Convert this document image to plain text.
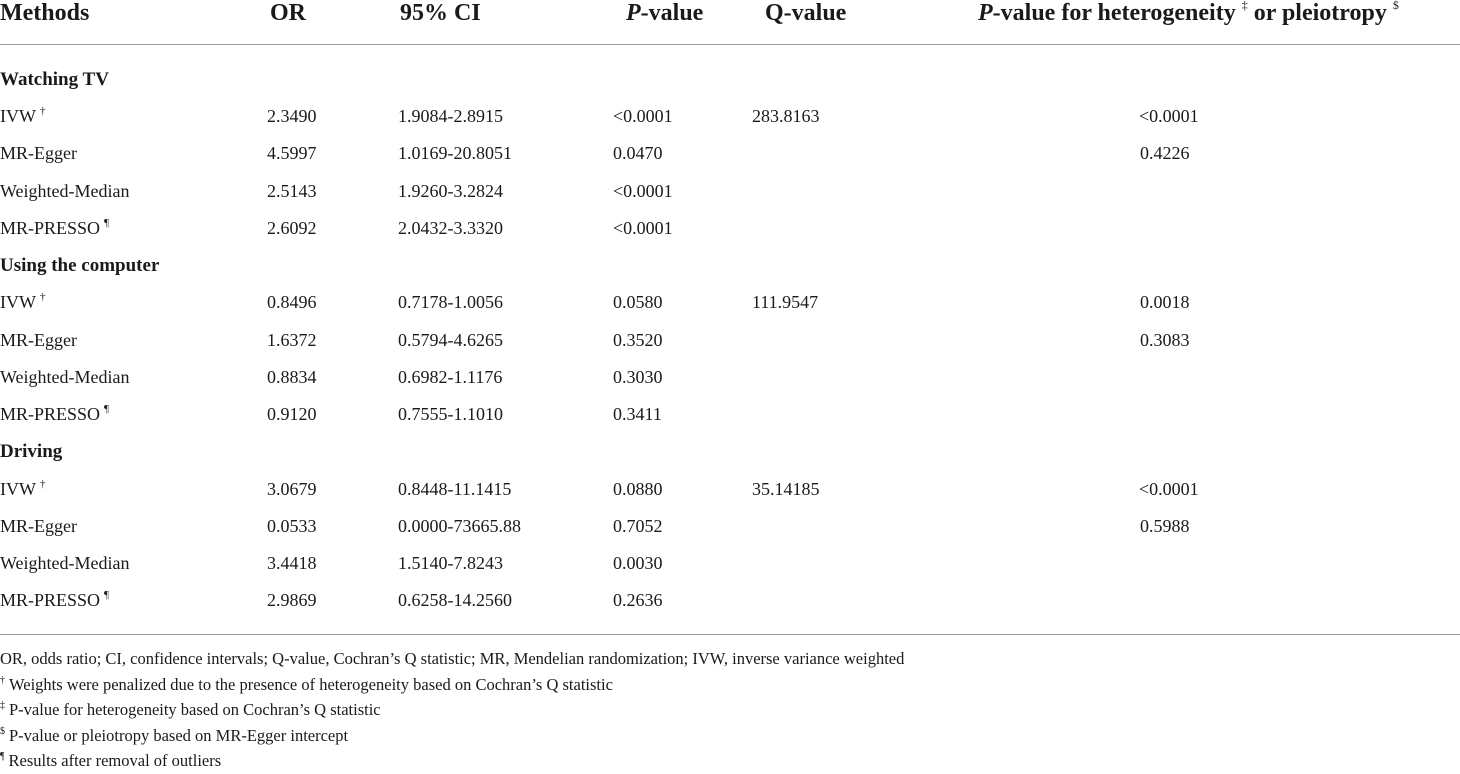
Methods	OR	95% CI	P-value	Q-value	P-value for heterogeneity ‡ or pleiotropy $

Watching TV					
IVW †	2.3490	1.9084-2.8915	<0.0001	283.8163	<0.0001
MR-Egger	4.5997	1.0169-20.8051	0.0470		0.4226
Weighted-Median	2.5143	1.9260-3.2824	<0.0001		
MR-PRESSO ¶	2.6092	2.0432-3.3320	<0.0001		
Using the computer					
IVW †	0.8496	0.7178-1.0056	0.0580	111.9547	0.0018
MR-Egger	1.6372	0.5794-4.6265	0.3520		0.3083
Weighted-Median	0.8834	0.6982-1.1176	0.3030		
MR-PRESSO ¶	0.9120	0.7555-1.1010	0.3411		
Driving					
IVW †	3.0679	0.8448-11.1415	0.0880	35.14185	<0.0001
MR-Egger	0.0533	0.0000-73665.88	0.7052		0.5988
Weighted-Median	3.4418	1.5140-7.8243	0.0030		
MR-PRESSO ¶	2.9869	0.6258-14.2560	0.2636		

OR, odds ratio; CI, confidence intervals; Q-value, Cochran’s Q statistic; MR, Mendelian randomization; IVW, inverse variance weighted
† Weights were penalized due to the presence of heterogeneity based on Cochran’s Q statistic
‡ P-value for heterogeneity based on Cochran’s Q statistic
$ P-value or pleiotropy based on MR-Egger intercept
¶ Results after removal of outliers
